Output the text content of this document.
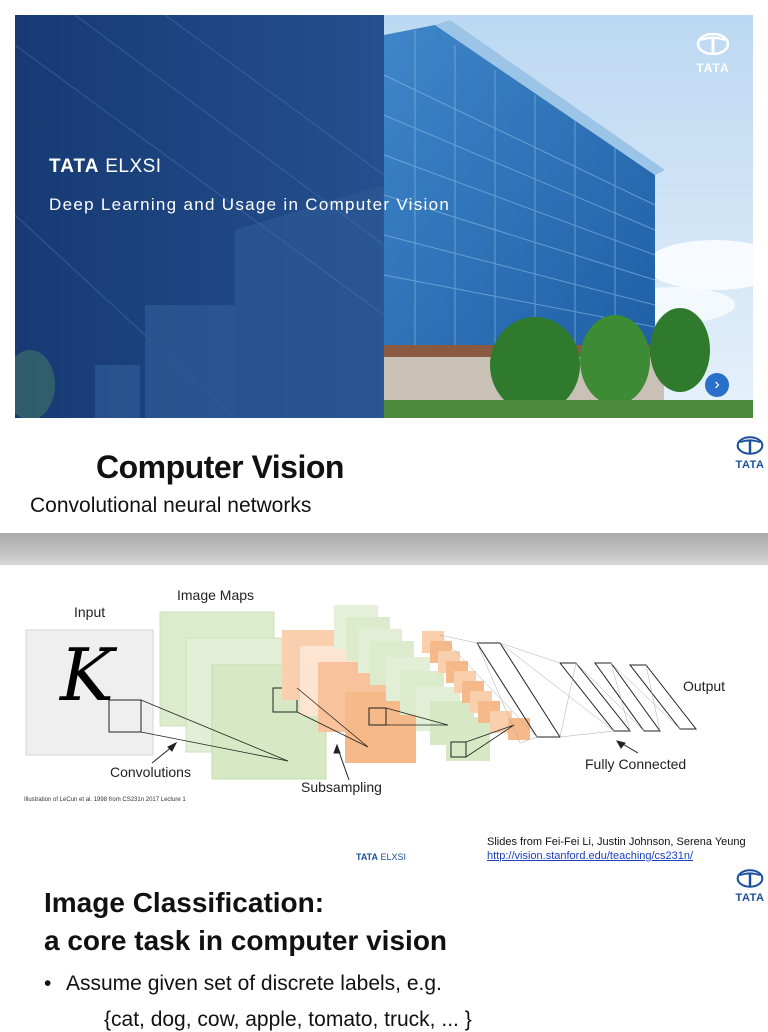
TATA
TATA ELXSI
Deep Learning and Usage in Computer Vision
›
Computer Vision
Convolutional neural networks
TATA
Input
K
Image Maps
Output
Convolutions
Subsampling
Fully Connected
Illustration of LeCun et al. 1998 from CS231n 2017 Lecture 1
Slides from Fei-Fei Li, Justin Johnson, Serena Yeung
http://vision.stanford.edu/teaching/cs231n/
TATA ELXSI
TATA
Image Classification:
a core task in computer vision
• Assume given set of discrete labels, e.g.
{cat, dog, cow, apple, tomato, truck, ... }
